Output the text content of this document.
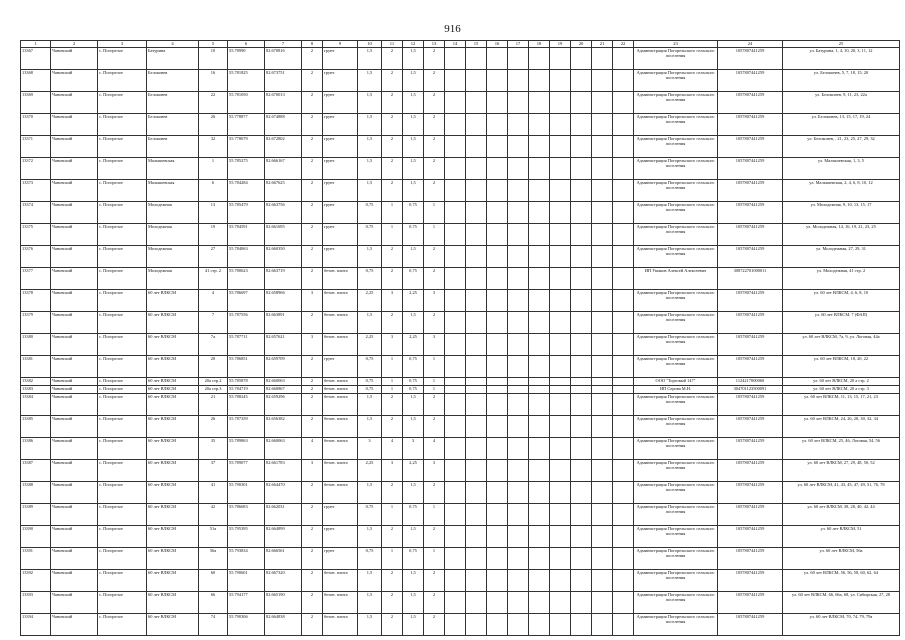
916
1	2	3	4	5	6	7	8	9	10	11	12	13	14	15	16	17	18	19	20	21	22	23	24	25
13367	Чановский	с. Погорелое	Батурина	10	55.78990	82.670816	2	грунт	1,5	2	1,5	2										Администрация Погорельского сельского поселения	1057807441259	ул. Батурина, 1, 4, 10, 20, 3, 11, 12
13368	Чановский	с. Погорелое	Белоконев	16	55.781825	82.673751	2	грунт	1,5	2	1,5	2										Администрация Погорельского сельского поселения	1057807441259	ул. Белоконев, 5, 7, 18, 15, 20
13369	Чановский	с. Погорелое	Белоконев	22	55.781050	82.670013	2	грунт	1,5	2	1,5	2										Администрация Погорельского сельского поселения	1057807441259	ул. Белоконев, 9, 11, 23, 22а
13370	Чановский	с. Погорелое	Белоконев	26	55.778877	82.674888	2	грунт	1,5	2	1,5	2										Администрация Погорельского сельского поселения	1057807441259	ул. Белоконев, 13, 15, 17, 19, 24
13371	Чановский	с. Погорелое	Белоконев	32	55.778079	82.672802	2	грунт	1,5	2	1,5	2										Администрация Погорельского сельского поселения	1057807441259	ул. Белоконев, , 21, 23, 25, 27, 29, 32
13372	Чановский	с. Погорелое	Малышевская	1	55.785275	82.666167	2	грунт	1,5	2	1,5	2										Администрация Погорельского сельского поселения	1057807441259	ул. Малышевская, 1, 3, 5
13373	Чановский	с. Погорелое	Малышевская	6	55.784284	82.667625	2	грунт	1,5	2	1,5	2										Администрация Погорельского сельского поселения	1057807441259	ул. Малышевская, 2, 4, 6, 8, 10, 12
13374	Чановский	с. Погорелое	Молодежная	13	55.785479	82.663756	2	грунт	0,75	1	0,75	1										Администрация Погорельского сельского поселения	1057807441259	ул. Молодежная, 9, 10, 13, 15, 17
13375	Чановский	с. Погорелое	Молодежная	19	55.784591	82.661695	2	грунт	0,75	1	0,75	1										Администрация Погорельского сельского поселения	1057807441259	ул. Молодежная, 14, 16, 19, 21, 23, 25
13376	Чановский	с. Погорелое	Молодежная	27	55.784063	82.660350	2	грунт	1,5	2	1,5	2										Администрация Погорельского сельского поселения	1057807441259	ул. Молодежная, 27, 29, 31
13377	Чановский	с. Погорелое	Молодежная	41 стр. 2	55.780623	82.663719	2	бетон. плита	0,75	2	0,75	2										ИП Ушаков Алексей Алексеевич	308722701000011	ул. Молодежная, 41 стр. 2
13378	Чановский	с. Погорелое	60 лет ВЛКСМ	4	55.786697	82.658966	3	бетон. плита	2,25	3	2,25	3										Администрация Погорельского сельского поселения	1057807441259	ул. 60 лет ВЛКСМ, 4, 6, 8, 10
13379	Чановский	с. Погорелое	60 лет ВЛКСМ	7	55.787556	82.663891	2	бетон. плита	1,5	2	1,5	2										Администрация Погорельского сельского поселения	1057807441259	ул. 60 лет ВЛКСМ, 7 (ФАП)
13380	Чановский	с. Погорелое	60 лет ВЛКСМ	7а	55.787711	82.657621	3	бетон. плита	2,25	3	2,25	3										Администрация Погорельского сельского поселения	1057807441259	ул. 60 лет ВЛКСМ, 7а, 9, ул. Логовая, 44а
13381	Чановский	с. Погорелое	60 лет ВЛКСМ	20	55.786851	82.659709	2	грунт	0,75	1	0,75	1										Администрация Погорельского сельского поселения	1057807441259	ул. 60 лет ВЛКСМ, 18, 20, 22
13382	Чановский	с. Погорелое	60 лет ВЛКСМ	20а стр.2	55.785878	82.660063	2	бетон. плита	0,75	1	0,75	1										ООО "Торговый 147"	1124217000060	ул. 60 лет ВЛКСМ, 20 а стр. 2
13383	Чановский	с. Погорелое	60 лет ВЛКСМ	20а стр.3	55.784719	82.660867	2	бетон. плита	0,75	1	0,75	1										ИП Серова М.Н.	304701123500091	ул. 60 лет ВЛКСМ, 20 а стр. 3
13384	Чановский	с. Погорелое	60 лет ВЛКСМ	21	55.788245	82.659296	2	бетон. плита	1,5	2	1,5	2										Администрация Погорельского сельского поселения	1057807441259	ул. 60 лет ВЛКСМ, 11, 13, 15, 17, 21, 23
13385	Чановский	с. Погорелое	60 лет ВЛКСМ	26	55.787359	82.656382	2	бетон. плита	1,5	2	1,5	2										Администрация Погорельского сельского поселения	1057807441259	ул. 60 лет ВЛКСМ, 24, 26, 28, 30, 32, 34
13386	Чановский	с. Погорелое	60 лет ВЛКСМ	35	55.789863	82.660063	4	бетон. плита	3	4	3	4										Администрация Погорельского сельского поселения	1057807441259	ул. 60 лет ВЛКСМ, 25, 46, Логовая, 54, 56
13387	Чановский	с. Погорелое	60 лет ВЛКСМ	37	55.789077	82.661783	3	бетон. плита	2,25	3	2,25	3										Администрация Погорельского сельского поселения	1057807441259	ул. 60 лет ВЛКСМ, 27, 29, 48, 50, 52
13388	Чановский	с. Погорелое	60 лет ВЛКСМ	41	55.790301	82.664470	2	бетон. плита	1,5	2	1,5	2										Администрация Погорельского сельского поселения	1057807441259	ул. 60 лет ВЛКСМ, 41, 43, 45, 47, 49, 51, 76, 78
13389	Чановский	с. Погорелое	60 лет ВЛКСМ	42	55.786683	82.662031	2	грунт	0,75	1	0,75	1										Администрация Погорельского сельского поселения	1057807441259	ул. 60 лет ВЛКСМ, 38, 28, 40, 42, 44
13390	Чановский	с. Погорелое	60 лет ВЛКСМ	51а	55.795395	82.664899	2	грунт	1,5	2	1,5	2										Администрация Погорельского сельского поселения	1057807441259	ул. 60 лет ВЛКСМ, 51
13391	Чановский	с. Погорелое	60 лет ВЛКСМ	56а	55.793834	82.666561	2	грунт	0,75	1	0,75	1										Администрация Погорельского сельского поселения	1057807441259	ул. 60 лет ВЛКСМ, 56а
13392	Чановский	с. Погорелое	60 лет ВЛКСМ	60	55.790601	82.667320	2	бетон. плита	1,5	2	1,5	2										Администрация Погорельского сельского поселения	1057807441259	ул. 60 лет ВЛКСМ, 56, 56, 58, 60, 62, 64
13393	Чановский	с. Погорелое	60 лет ВЛКСМ	66	55.794177	82.665190	2	бетон. плита	1,5	2	1,5	2										Администрация Погорельского сельского поселения	1057807441259	ул. 60 лет ВЛКСМ, 66, 66а, 68, ул. Сибирская, 27, 28
13394	Чановский	с. Погорелое	60 лет ВЛКСМ	74	55.790306	82.664838	2	бетон. плита	1,5	2	1,5	2										Администрация Погорельского сельского поселения	1057807441259	ул. 60 лет ВЛКСМ, 70, 74, 79, 79а
